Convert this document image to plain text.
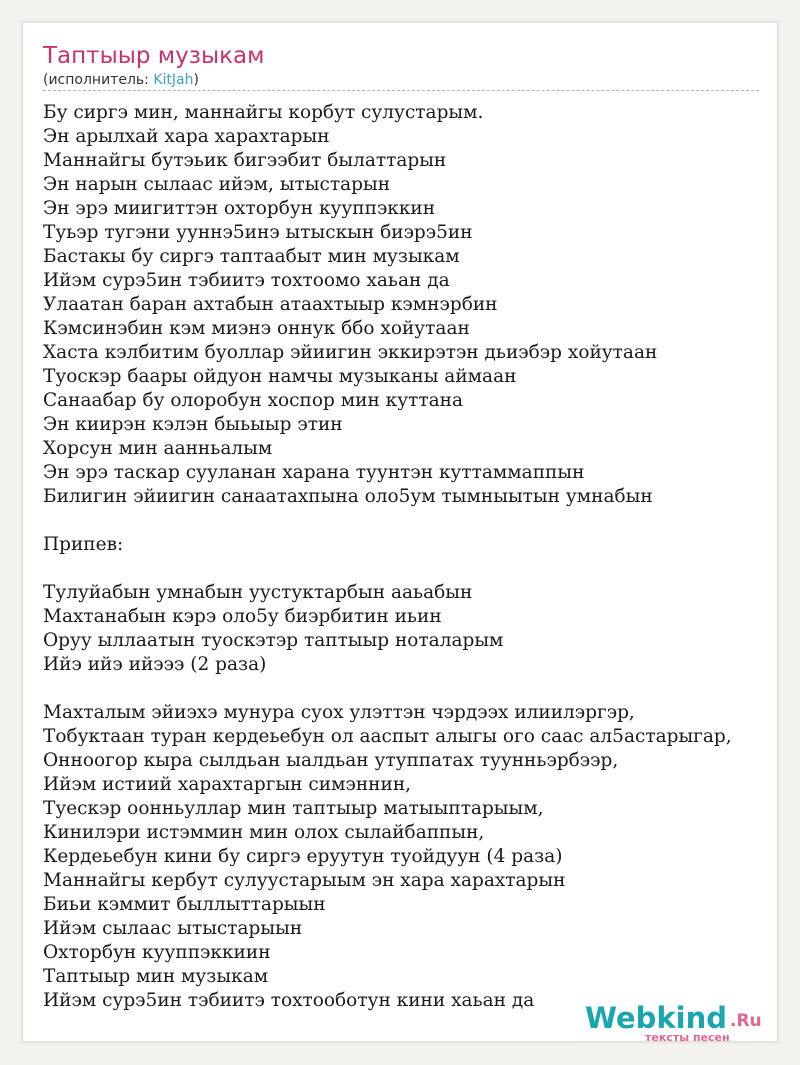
Таптыыр музыкам
(исполнитель: KitJah)
Бу сиргэ мин, маннайгы корбут сулустарым.
Эн арылхай хара харахтарын
Маннайгы бутэьик бигээбит былаттарын
Эн нарын сылаас ийэм, ытыстарын
Эн эрэ миигиттэн охторбун кууппэккин
Туьэр тугэни ууннэ5инэ ытыскын биэрэ5ин
Бастакы бу сиргэ таптаабыт мин музыкам
Ийэм сурэ5ин тэбиитэ тохтоомо хаьан да
Улаатан баран ахтабын атаахтыыр кэмнэрбин
Кэмсинэбин кэм миэнэ оннук ббо хойутаан
Хаста кэлбитим буоллар эйиигин эккирэтэн дьиэбэр хойутаан
Туоскэр баары ойдуон намчы музыканы аймаан
Санаабар бу олоробун хоспор мин куттана
Эн киирэн кэлэн быьыыр этин
Хорсун мин аанньалым
Эн эрэ таскар сууланан харана туунтэн куттаммаппын
Билигин эйиигин санаатахпына оло5ум тымныытын умнабын
Припев:
Тулуйабын умнабын уустуктарбын ааьабын
Махтанабын кэрэ оло5у биэрбитин иьин
Оруу ыллаатын туоскэтэр таптыыр ноталарым
Ийэ ийэ ийэээ (2 раза)
Махталым эйиэхэ мунура суох улэттэн чэрдээх илиилэргэр,
Тобуктаан туран кердеьебун ол ааспыт алыгы ого саас ал5астарыгар,
Онноогор кыра сылдьан ыалдьан утуппатах туунньэрбээр,
Ийэм истиий харахтаргын симэннин,
Туескэр оонньуллар мин таптыыр матыыптарыым,
Кинилэри истэммин мин олох сылайбаппын,
Кердеьебун кини бу сиргэ еруутун туойдуун (4 раза)
Маннайгы кербут сулуустарыым эн хара харахтарын
Биьи кэммит быллыттарыын
Ийэм сылаас ытыстарыын
Охторбун кууппэккиин
Таптыыр мин музыкам
Ийэм сурэ5ин тэбиитэ тохтооботун кини хаьан да
Webkind .Ru
тексты песен
